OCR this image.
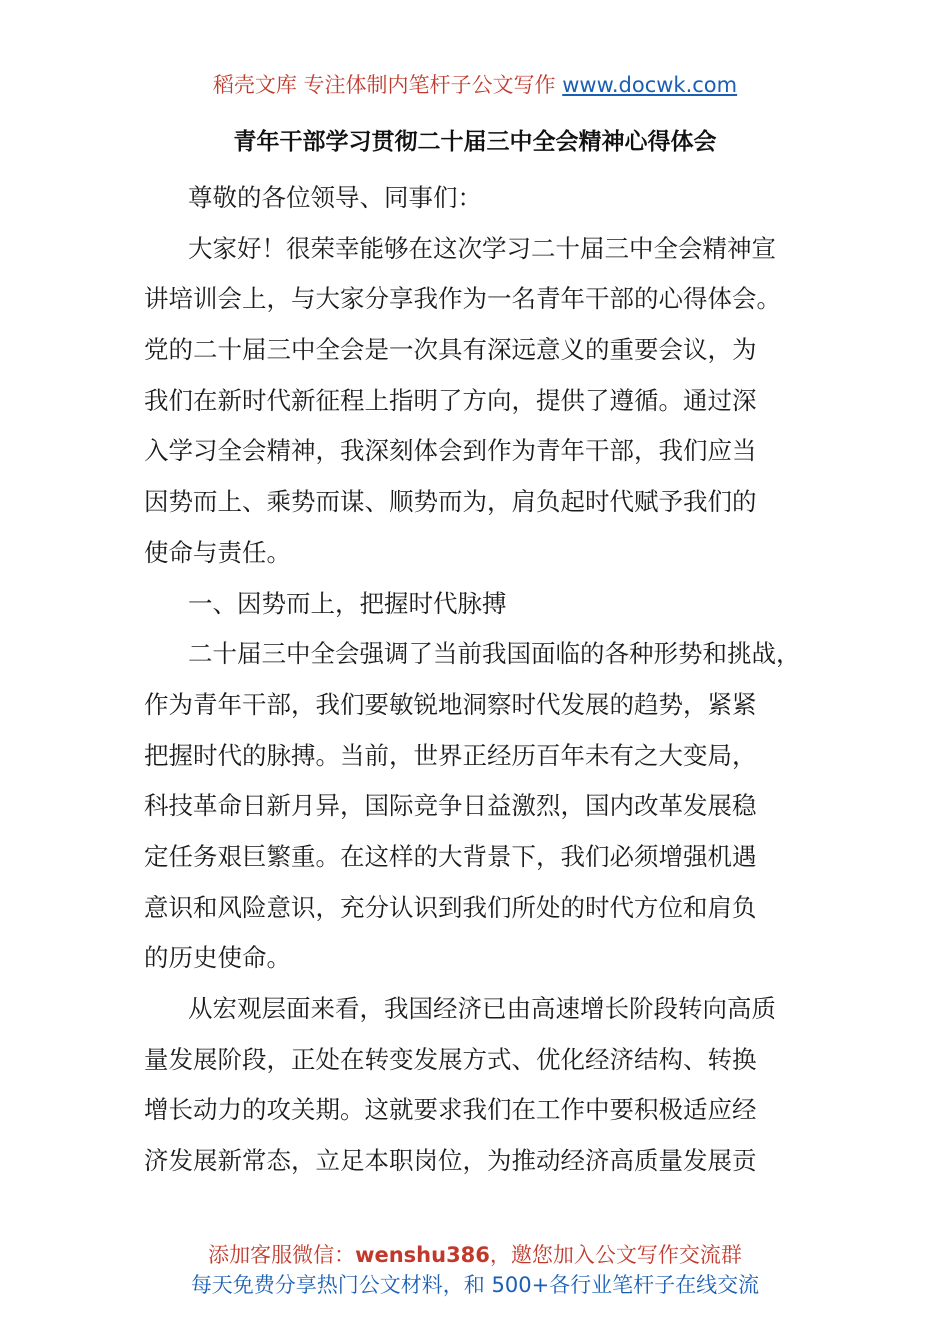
稻壳文库 专注体制内笔杆子公文写作 www.docwk.com
青年干部学习贯彻二十届三中全会精神心得体会
尊敬的各位领导、同事们：
大家好！很荣幸能够在这次学习二十届三中全会精神宣
讲培训会上，与大家分享我作为一名青年干部的心得体会。
党的二十届三中全会是一次具有深远意义的重要会议，为
我们在新时代新征程上指明了方向，提供了遵循。通过深
入学习全会精神，我深刻体会到作为青年干部，我们应当
因势而上、乘势而谋、顺势而为，肩负起时代赋予我们的
使命与责任。
一、因势而上，把握时代脉搏
二十届三中全会强调了当前我国面临的各种形势和挑战，
作为青年干部，我们要敏锐地洞察时代发展的趋势，紧紧
把握时代的脉搏。当前，世界正经历百年未有之大变局，
科技革命日新月异，国际竞争日益激烈，国内改革发展稳
定任务艰巨繁重。在这样的大背景下，我们必须增强机遇
意识和风险意识，充分认识到我们所处的时代方位和肩负
的历史使命。
从宏观层面来看，我国经济已由高速增长阶段转向高质
量发展阶段，正处在转变发展方式、优化经济结构、转换
增长动力的攻关期。这就要求我们在工作中要积极适应经
济发展新常态，立足本职岗位，为推动经济高质量发展贡
添加客服微信：wenshu386，邀您加入公文写作交流群
每天免费分享热门公文材料，和 500+各行业笔杆子在线交流
